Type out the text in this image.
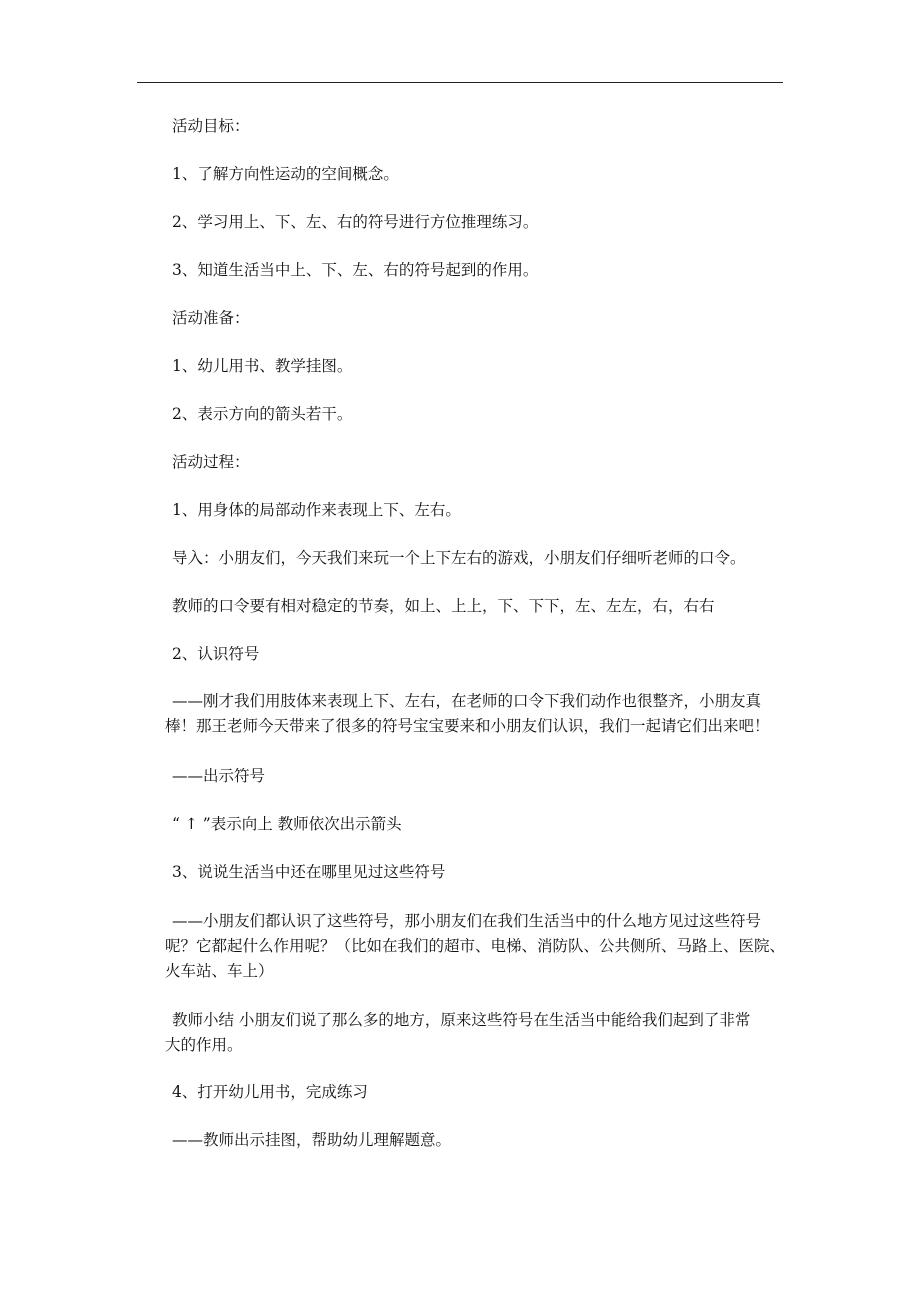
活动目标：

1、了解方向性运动的空间概念。

2、学习用上、下、左、右的符号进行方位推理练习。

3、知道生活当中上、下、左、右的符号起到的作用。

活动准备：

1、幼儿用书、教学挂图。

2、表示方向的箭头若干。

活动过程：

1、用身体的局部动作来表现上下、左右。

导入：小朋友们，今天我们来玩一个上下左右的游戏，小朋友们仔细听老师的口令。

教师的口令要有相对稳定的节奏，如上、上上，下、下下，左、左左，右，右右

2、认识符号

——刚才我们用肢体来表现上下、左右，在老师的口令下我们动作也很整齐，小朋友真
棒！那王老师今天带来了很多的符号宝宝要来和小朋友们认识，我们一起请它们出来吧！

——出示符号

“ ↑ ”表示向上 教师依次出示箭头

3、说说生活当中还在哪里见过这些符号

——小朋友们都认识了这些符号，那小朋友们在我们生活当中的什么地方见过这些符号
呢？它都起什么作用呢？（比如在我们的超市、电梯、消防队、公共侧所、马路上、医院、
火车站、车上）
教师小结 小朋友们说了那么多的地方，原来这些符号在生活当中能给我们起到了非常
大的作用。

4、打开幼儿用书，完成练习

——教师出示挂图，帮助幼儿理解题意。
